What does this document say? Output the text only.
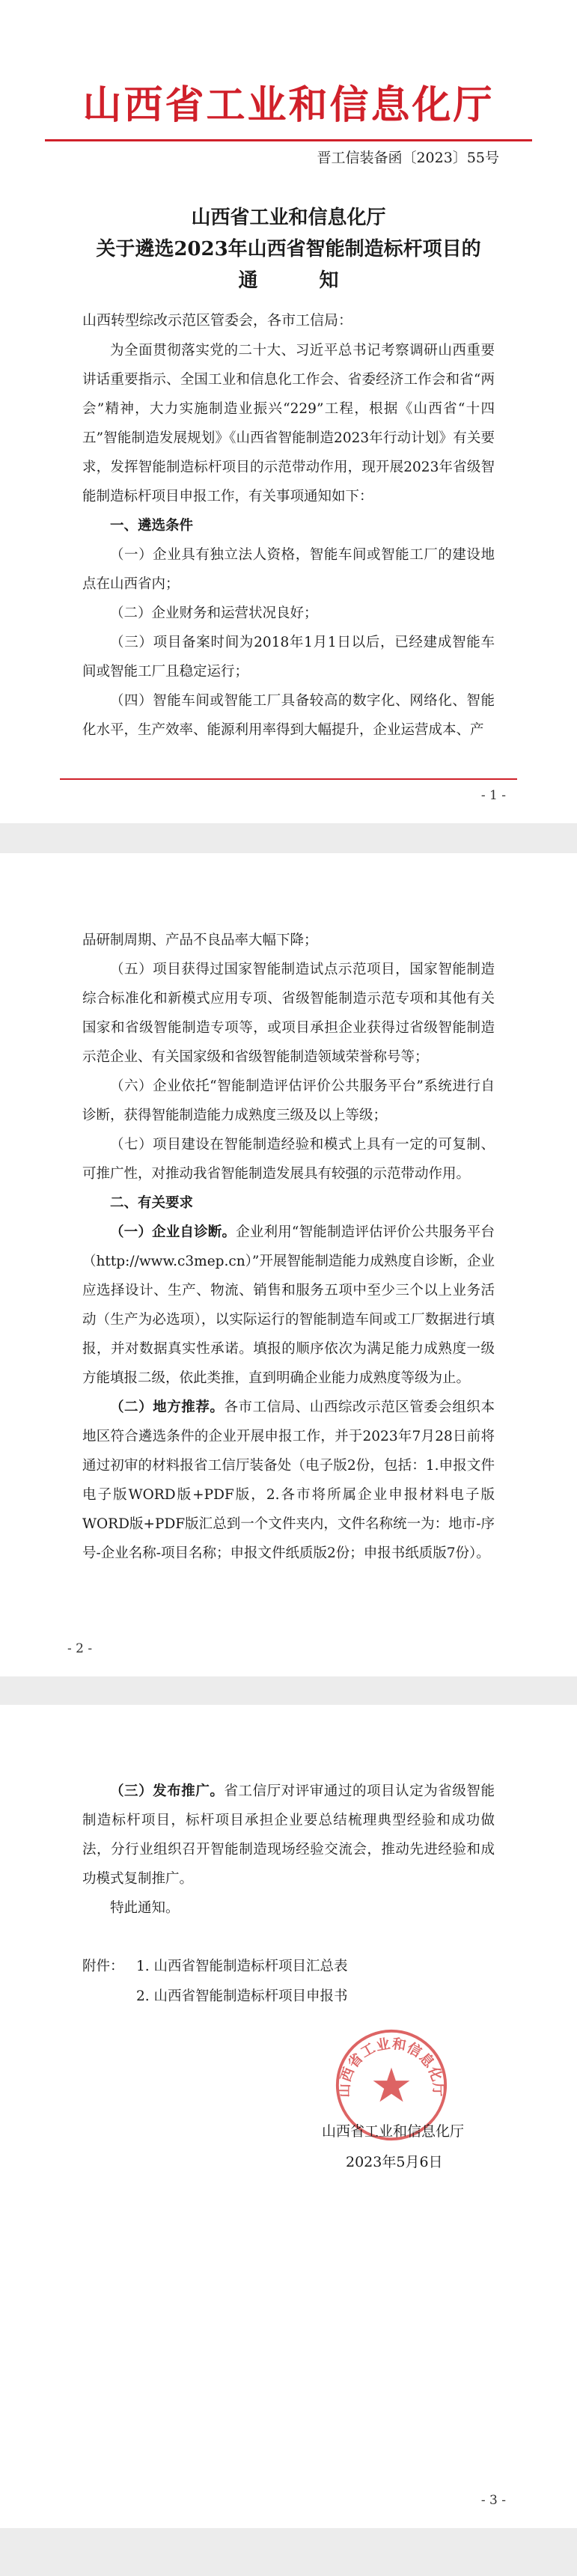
山西省工业和信息化厅
晋工信装备函〔2023〕55号
山西省工业和信息化厅
关于遴选2023年山西省智能制造标杆项目的
通　知
山西转型综改示范区管委会，各市工信局：

为全面贯彻落实党的二十大、习近平总书记考察调研山西重要讲话重要指示、全国工业和信息化工作会、省委经济工作会和省“两会”精神，大力实施制造业振兴“229”工程，根据《山西省“十四五”智能制造发展规划》《山西省智能制造2023年行动计划》有关要求，发挥智能制造标杆项目的示范带动作用，现开展2023年省级智能制造标杆项目申报工作，有关事项通知如下：

一、遴选条件

（一）企业具有独立法人资格，智能车间或智能工厂的建设地点在山西省内；

（二）企业财务和运营状况良好；

（三）项目备案时间为2018年1月1日以后，已经建成智能车间或智能工厂且稳定运行；

（四）智能车间或智能工厂具备较高的数字化、网络化、智能化水平，生产效率、能源利用率得到大幅提升，企业运营成本、产

- 1 -

品研制周期、产品不良品率大幅下降；

（五）项目获得过国家智能制造试点示范项目，国家智能制造综合标准化和新模式应用专项、省级智能制造示范专项和其他有关国家和省级智能制造专项等，或项目承担企业获得过省级智能制造示范企业、有关国家级和省级智能制造领域荣誉称号等；

（六）企业依托“智能制造评估评价公共服务平台”系统进行自诊断，获得智能制造能力成熟度三级及以上等级；

（七）项目建设在智能制造经验和模式上具有一定的可复制、可推广性，对推动我省智能制造发展具有较强的示范带动作用。

二、有关要求

（一）企业自诊断。企业利用“智能制造评估评价公共服务平台（http://www.c3mep.cn）”开展智能制造能力成熟度自诊断，企业应选择设计、生产、物流、销售和服务五项中至少三个以上业务活动（生产为必选项），以实际运行的智能制造车间或工厂数据进行填报，并对数据真实性承诺。填报的顺序依次为满足能力成熟度一级方能填报二级，依此类推，直到明确企业能力成熟度等级为止。

（二）地方推荐。各市工信局、山西综改示范区管委会组织本地区符合遴选条件的企业开展申报工作，并于2023年7月28日前将通过初审的材料报省工信厅装备处（电子版2份，包括：1.申报文件电子版WORD版+PDF版，2.各市将所属企业申报材料电子版WORD版+PDF版汇总到一个文件夹内，文件名称统一为：地市-序号-企业名称-项目名称；申报文件纸质版2份；申报书纸质版7份）。

- 2 -

（三）发布推广。省工信厅对评审通过的项目认定为省级智能制造标杆项目，标杆项目承担企业要总结梳理典型经验和成功做法，分行业组织召开智能制造现场经验交流会，推动先进经验和成功模式复制推广。

特此通知。

附件： 1. 山西省智能制造标杆项目汇总表
2. 山西省智能制造标杆项目申报书
山西省工业和信息化厅
山西省工业和信息化厅
2023年5月6日
- 3 -
